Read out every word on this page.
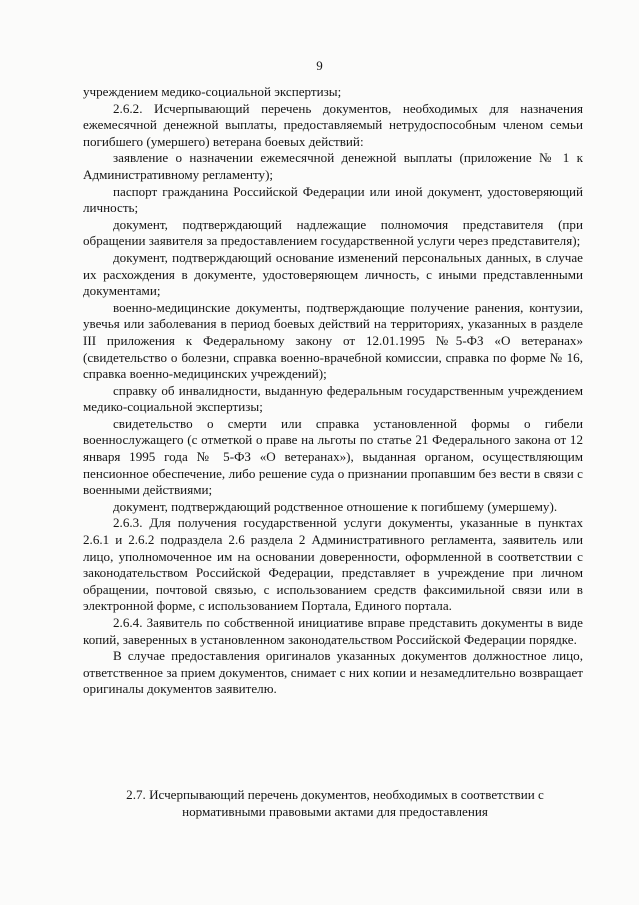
9

учреждением медико-социальной экспертизы;

2.6.2. Исчерпывающий перечень документов, необходимых для назначения ежемесячной денежной выплаты, предоставляемый нетрудоспособным членом семьи погибшего (умершего) ветерана боевых действий:

заявление о назначении ежемесячной денежной выплаты (приложение № 1 к Административному регламенту);

паспорт гражданина Российской Федерации или иной документ, удостоверяющий личность;

документ, подтверждающий надлежащие полномочия представителя (при обращении заявителя за предоставлением государственной услуги через представителя);

документ, подтверждающий основание изменений персональных данных, в случае их расхождения в документе, удостоверяющем личность, с иными представленными документами;

военно-медицинские документы, подтверждающие получение ранения, контузии, увечья или заболевания в период боевых действий на территориях, указанных в разделе III приложения к Федеральному закону от 12.01.1995 №5-ФЗ «О ветеранах» (свидетельство о болезни, справка военно-врачебной комиссии, справка по форме № 16, справка военно-медицинских учреждений);

справку об инвалидности, выданную федеральным государственным учреждением медико-социальной экспертизы;

свидетельство о смерти или справка установленной формы о гибели военнослужащего (с отметкой о праве на льготы по статье 21 Федерального закона от 12 января 1995 года № 5-ФЗ «О ветеранах»), выданная органом, осуществляющим пенсионное обеспечение, либо решение суда о признании пропавшим без вести в связи с военными действиями;

документ, подтверждающий родственное отношение к погибшему (умершему).

2.6.3. Для получения государственной услуги документы, указанные в пунктах 2.6.1 и 2.6.2 подраздела 2.6 раздела 2 Административного регламента, заявитель или лицо, уполномоченное им на основании доверенности, оформленной в соответствии с законодательством Российской Федерации, представляет в учреждение при личном обращении, почтовой связью, с использованием средств факсимильной связи или в электронной форме, с использованием Портала, Единого портала.

2.6.4. Заявитель по собственной инициативе вправе представить документы в виде копий, заверенных в установленном законодательством Российской Федерации порядке.

В случае предоставления оригиналов указанных документов должностное лицо, ответственное за прием документов, снимает с них копии и незамедлительно возвращает оригиналы документов заявителю.

2.7. Исчерпывающий перечень документов, необходимых в соответствии с нормативными правовыми актами для предоставления
